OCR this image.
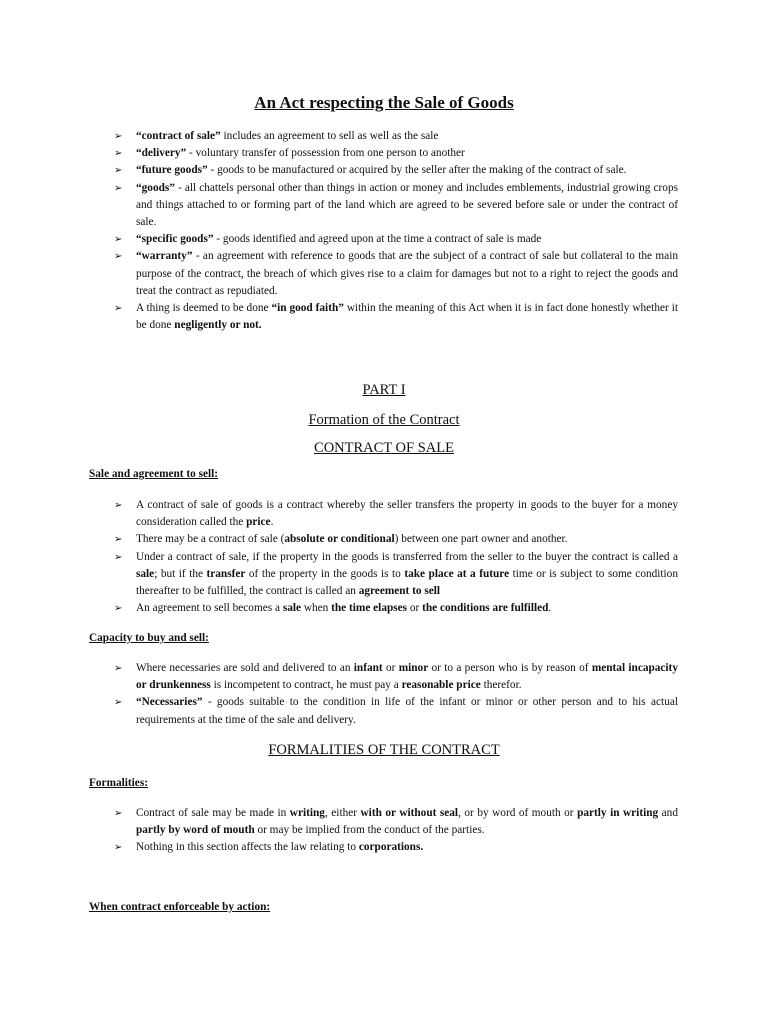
An Act respecting the Sale of Goods
➢	“contract of sale” includes an agreement to sell as well as the sale
➢	“delivery” - voluntary transfer of possession from one person to another
➢	“future goods” - goods to be manufactured or acquired by the seller after the making of the contract of sale.
➢	“goods” - all chattels personal other than things in action or money and includes emblements, industrial growing crops and things attached to or forming part of the land which are agreed to be severed before sale or under the contract of sale.
➢	“specific goods” - goods identified and agreed upon at the time a contract of sale is made
➢	“warranty” - an agreement with reference to goods that are the subject of a contract of sale but collateral to the main purpose of the contract, the breach of which gives rise to a claim for damages but not to a right to reject the goods and treat the contract as repudiated.
➢	A thing is deemed to be done “in good faith” within the meaning of this Act when it is in fact done honestly whether it be done negligently or not.
PART I
Formation of the Contract
CONTRACT OF SALE
Sale and agreement to sell:
➢	A contract of sale of goods is a contract whereby the seller transfers the property in goods to the buyer for a money consideration called the price.
➢	There may be a contract of sale (absolute or conditional) between one part owner and another.
➢	Under a contract of sale, if the property in the goods is transferred from the seller to the buyer the contract is called a sale; but if the transfer of the property in the goods is to take place at a future time or is subject to some condition thereafter to be fulfilled, the contract is called an agreement to sell
➢	An agreement to sell becomes a sale when the time elapses or the conditions are fulfilled.
Capacity to buy and sell:
➢	Where necessaries are sold and delivered to an infant or minor or to a person who is by reason of mental incapacity or drunkenness is incompetent to contract, he must pay a reasonable price therefor.
➢	“Necessaries” - goods suitable to the condition in life of the infant or minor or other person and to his actual requirements at the time of the sale and delivery.
FORMALITIES OF THE CONTRACT
Formalities:
➢	Contract of sale may be made in writing, either with or without seal, or by word of mouth or partly in writing and partly by word of mouth or may be implied from the conduct of the parties.
➢	Nothing in this section affects the law relating to corporations.
When contract enforceable by action:
